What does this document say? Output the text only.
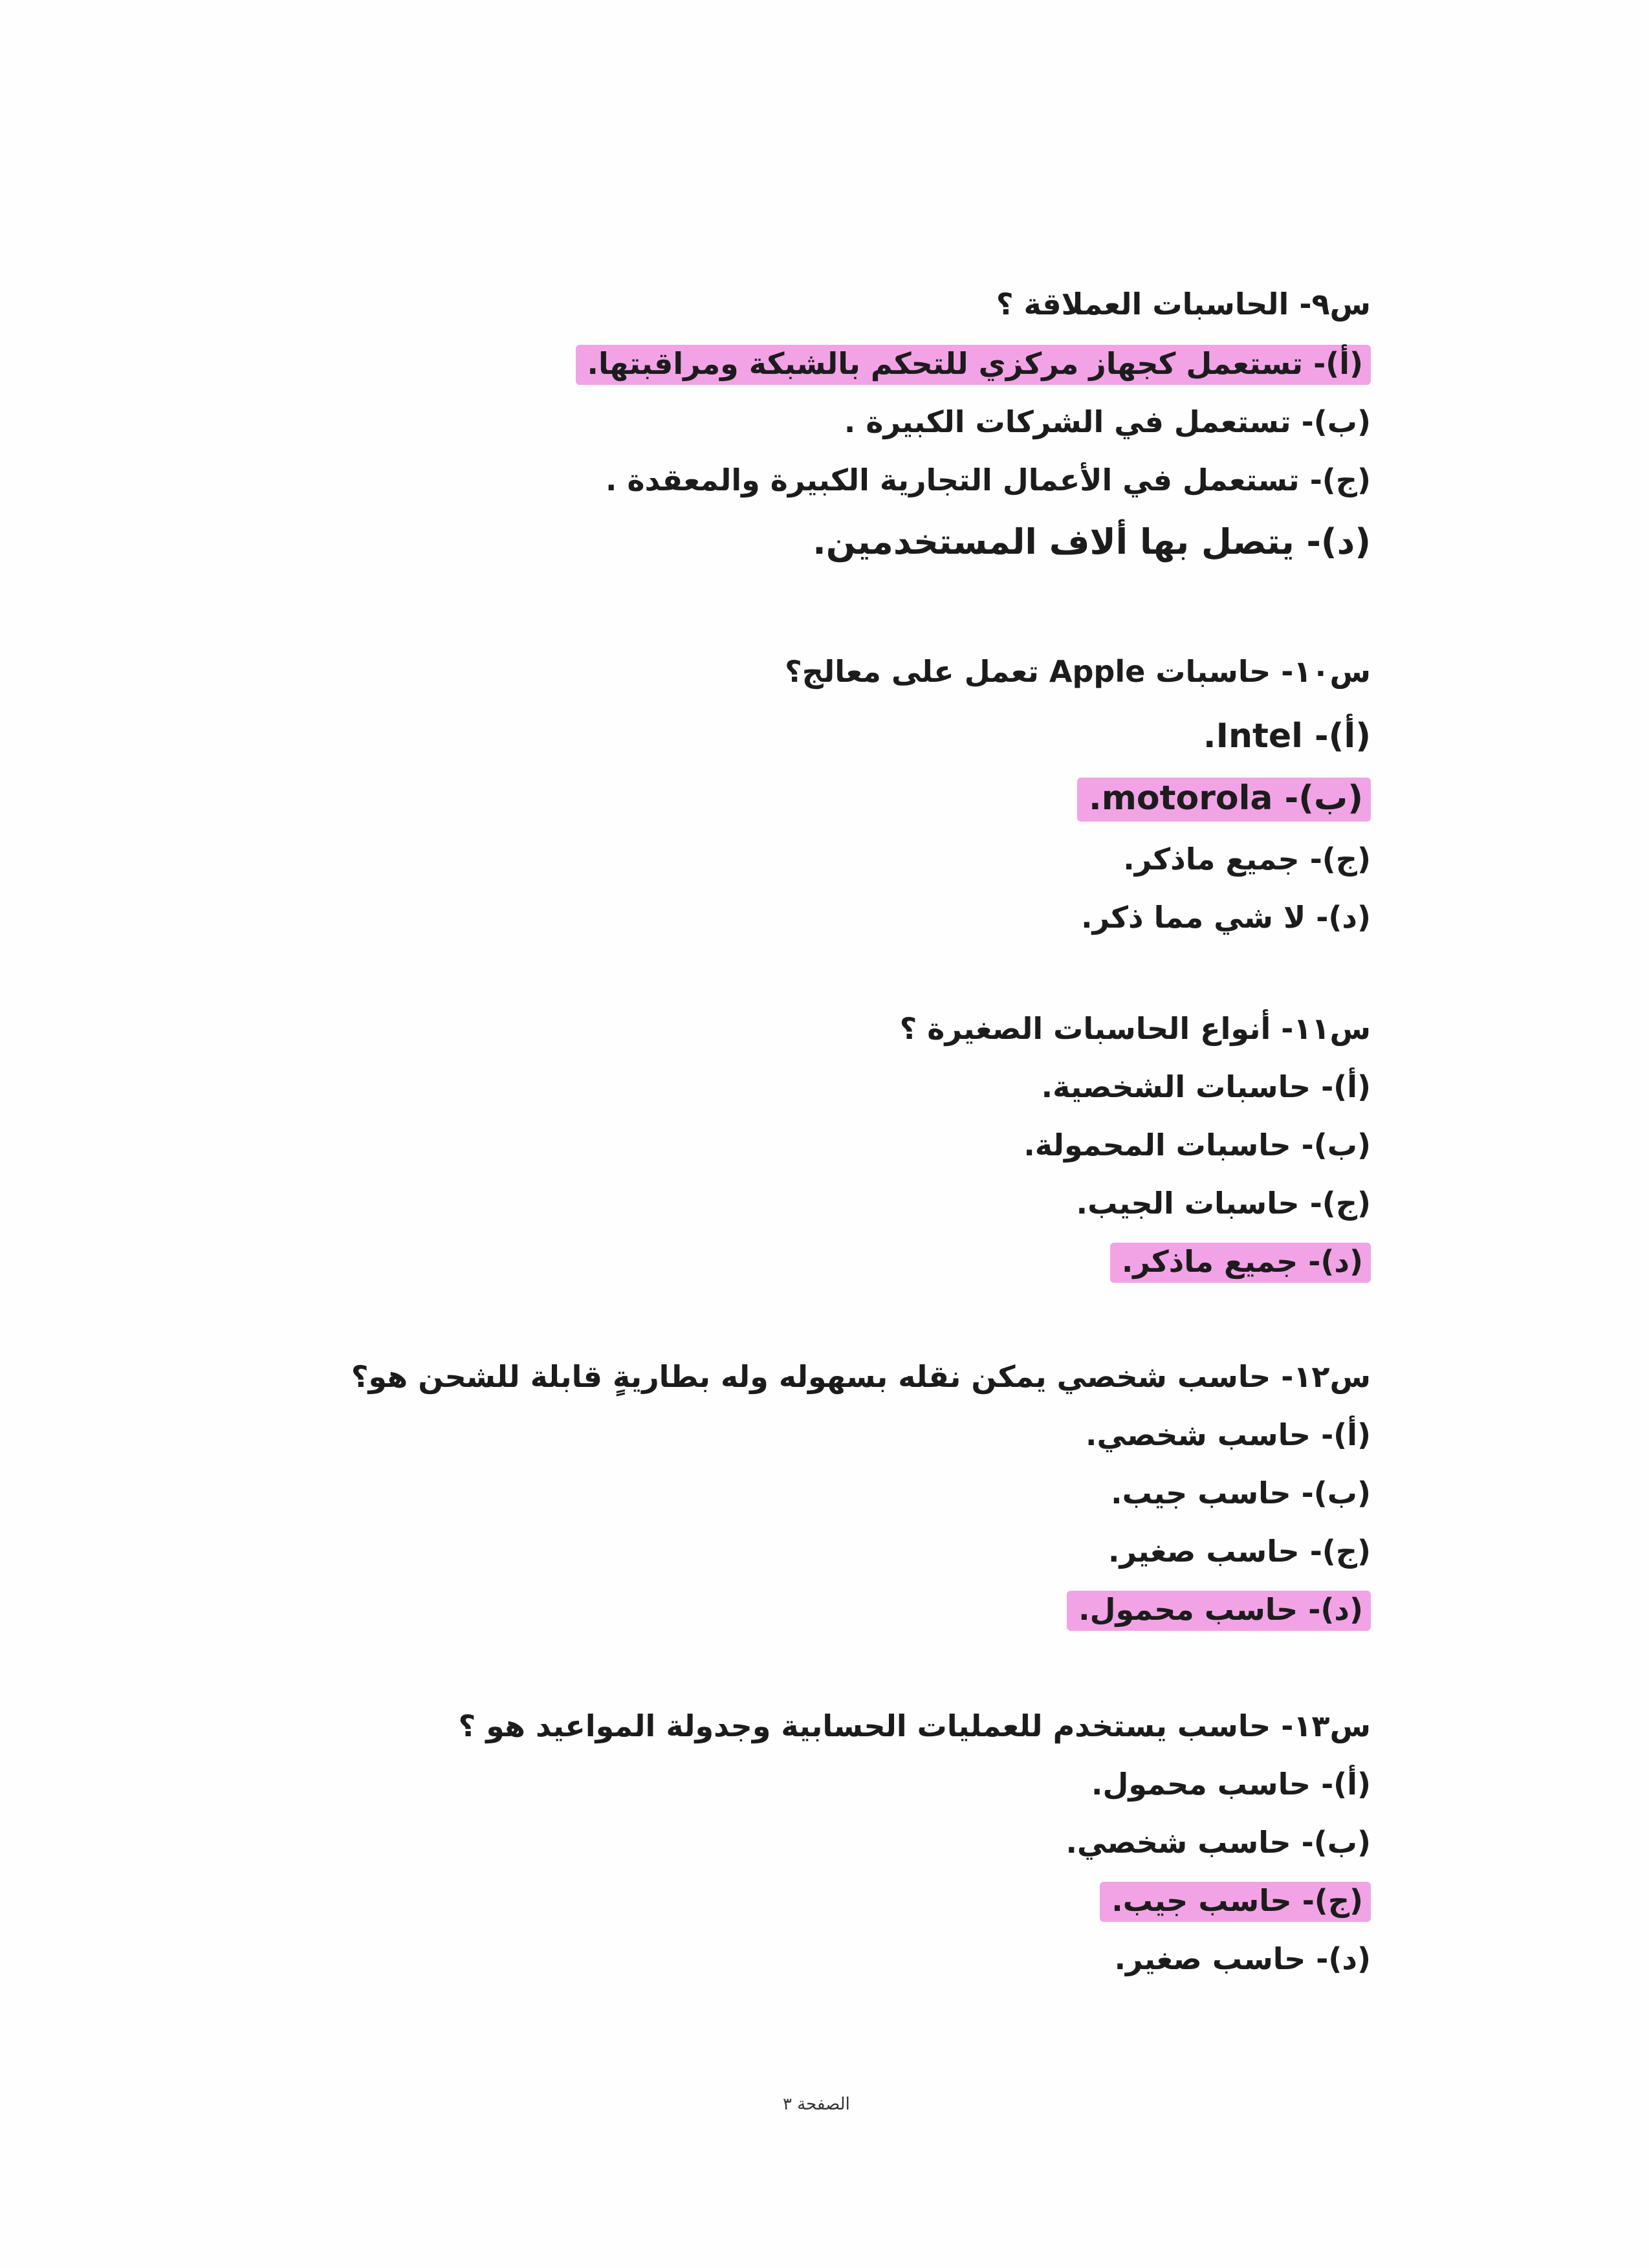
س٩- الحاسبات العملاقة ؟
(أ)- تستعمل كجهاز مركزي للتحكم بالشبكة ومراقبتها.
(ب)- تستعمل في الشركات الكبيرة .
(ج)- تستعمل في الأعمال التجارية الكبيرة والمعقدة .
(د)- يتصل بها ألاف المستخدمين.
س١٠- حاسبات Apple تعمل على معالج؟
(أ)- Intel.
(ب)- motorola.
(ج)- جميع ماذكر.
(د)- لا شي مما ذكر.
س١١- أنواع الحاسبات الصغيرة ؟
(أ)- حاسبات الشخصية.
(ب)- حاسبات المحمولة.
(ج)- حاسبات الجيب.
(د)- جميع ماذكر.
س١٢- حاسب شخصي يمكن نقله بسهوله وله بطاريةٍ قابلة للشحن هو؟
(أ)- حاسب شخصي.
(ب)- حاسب جيب.
(ج)- حاسب صغير.
(د)- حاسب محمول.
س١٣- حاسب يستخدم للعمليات الحسابية وجدولة المواعيد هو ؟
(أ)- حاسب محمول.
(ب)- حاسب شخصي.
(ج)- حاسب جيب.
(د)- حاسب صغير.
الصفحة ٣
